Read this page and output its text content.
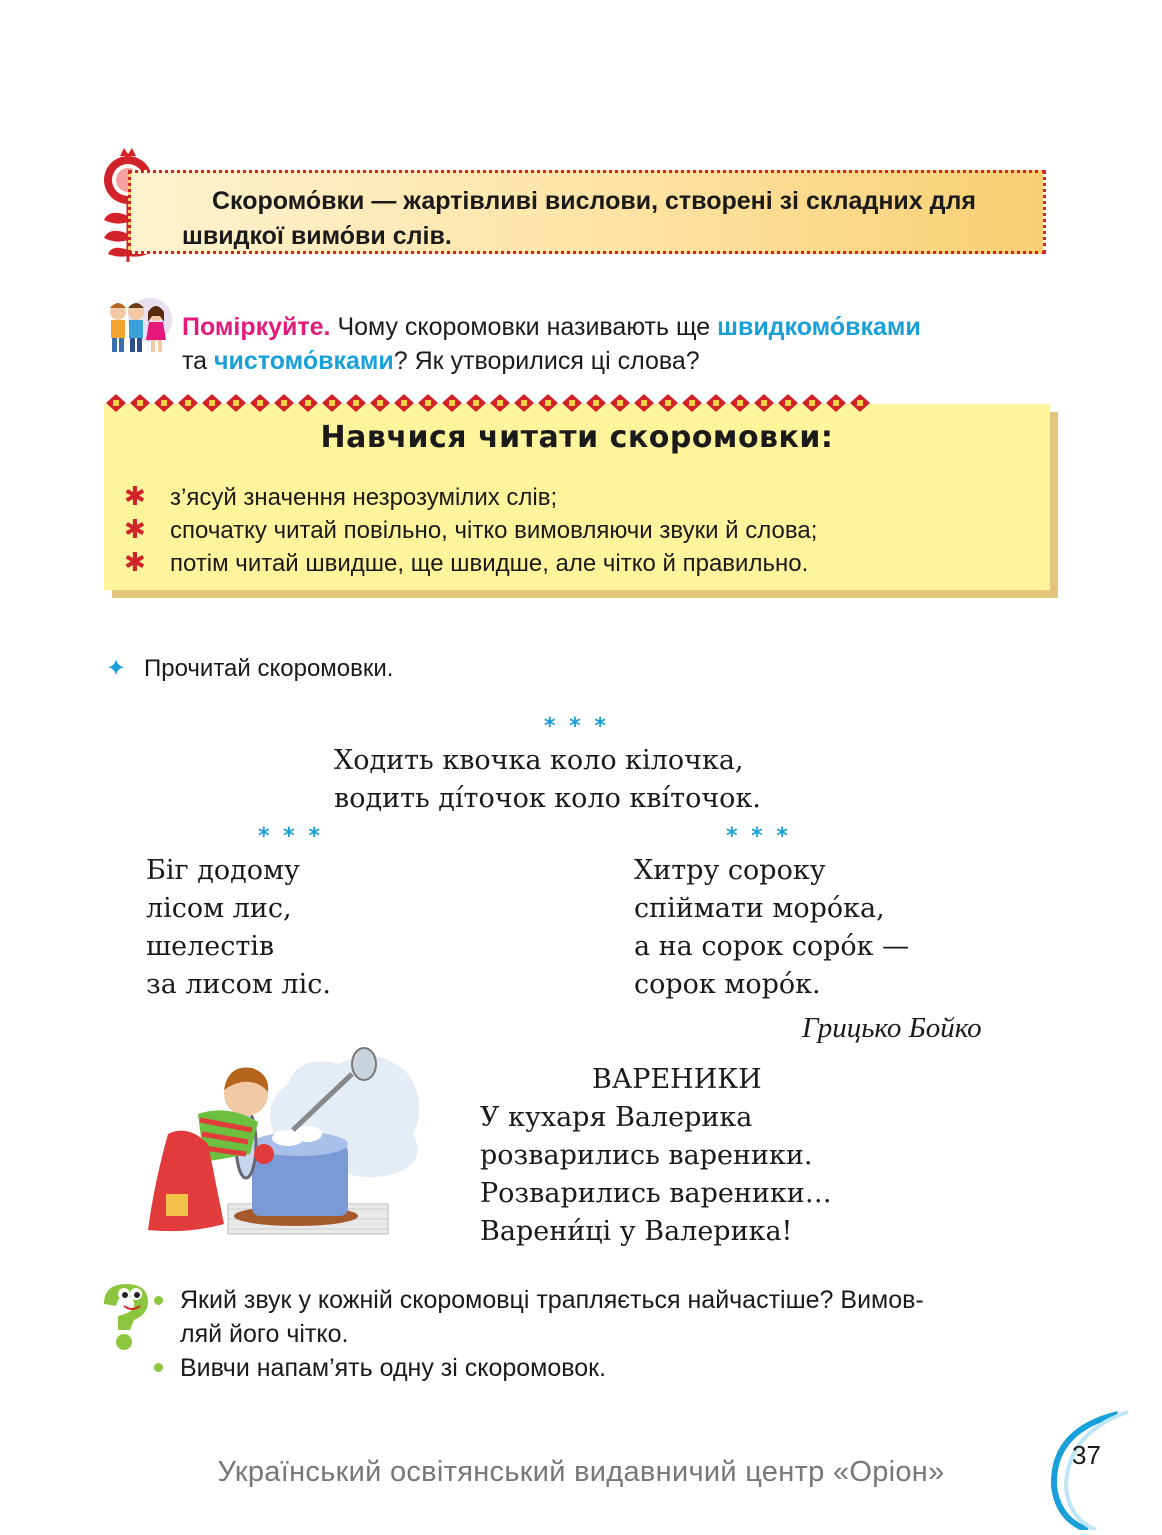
Скоромо́вки — жартівливі вислови, створені зі складних для швидкої вимо́ви слів.
Поміркуйте. Чому скоромовки називають ще швидкомо́вками
та чистомо́вками? Як утворилися ці слова?
Навчися читати скоромовки:
✱ з’ясуй значення незрозумілих слів;
✱ спочатку читай повільно, чітко вимовляючи звуки й слова;
✱ потім читай швидше, ще швидше, але чітко й правильно.
✦ Прочитай скоромовки.
* * *
Ходить квочка коло кілочка,
водить ді́точок коло кві́точок.
* * *
Біг додому
лісом лис,
шелестів
за лисом ліс.
* * *
Хитру сороку
спіймати моро́ка,
а на сорок соро́к —
сорок моро́к.
Грицько Бойко
ВАРЕНИКИ
У кухаря Валерика
розварились вареники.
Розварились вареники…
Варени́ці у Валерика!
Який звук у кожній скоромовці трапляється найчастіше? Вимов-
ляй його чітко.
Вивчи напам’ять одну зі скоромовок.
37
Український освітянський видавничий центр «Оріон»
